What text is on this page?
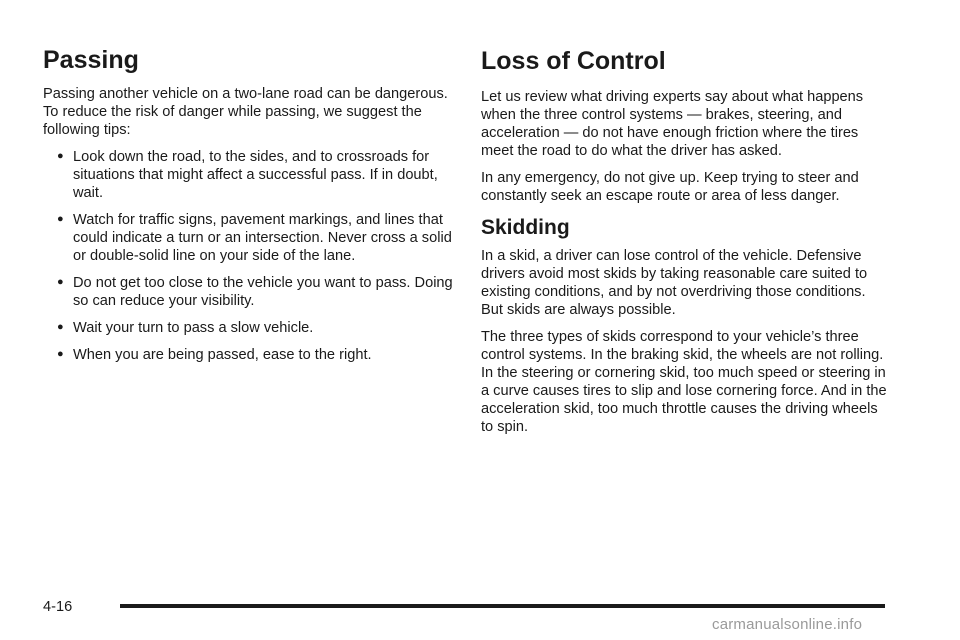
Passing

Passing another vehicle on a two-lane road can be dangerous. To reduce the risk of danger while passing, we suggest the following tips:

● Look down the road, to the sides, and to crossroads for situations that might affect a successful pass. If in doubt, wait.
● Watch for traffic signs, pavement markings, and lines that could indicate a turn or an intersection. Never cross a solid or double-solid line on your side of the lane.
● Do not get too close to the vehicle you want to pass. Doing so can reduce your visibility.
● Wait your turn to pass a slow vehicle.
● When you are being passed, ease to the right.
Loss of Control

Let us review what driving experts say about what happens when the three control systems — brakes, steering, and acceleration — do not have enough friction where the tires meet the road to do what the driver has asked.

In any emergency, do not give up. Keep trying to steer and constantly seek an escape route or area of less danger.

Skidding

In a skid, a driver can lose control of the vehicle. Defensive drivers avoid most skids by taking reasonable care suited to existing conditions, and by not overdriving those conditions. But skids are always possible.

The three types of skids correspond to your vehicle’s three control systems. In the braking skid, the wheels are not rolling. In the steering or cornering skid, too much speed or steering in a curve causes tires to slip and lose cornering force. And in the acceleration skid, too much throttle causes the driving wheels to spin.

4-16
carmanualsonline.info
